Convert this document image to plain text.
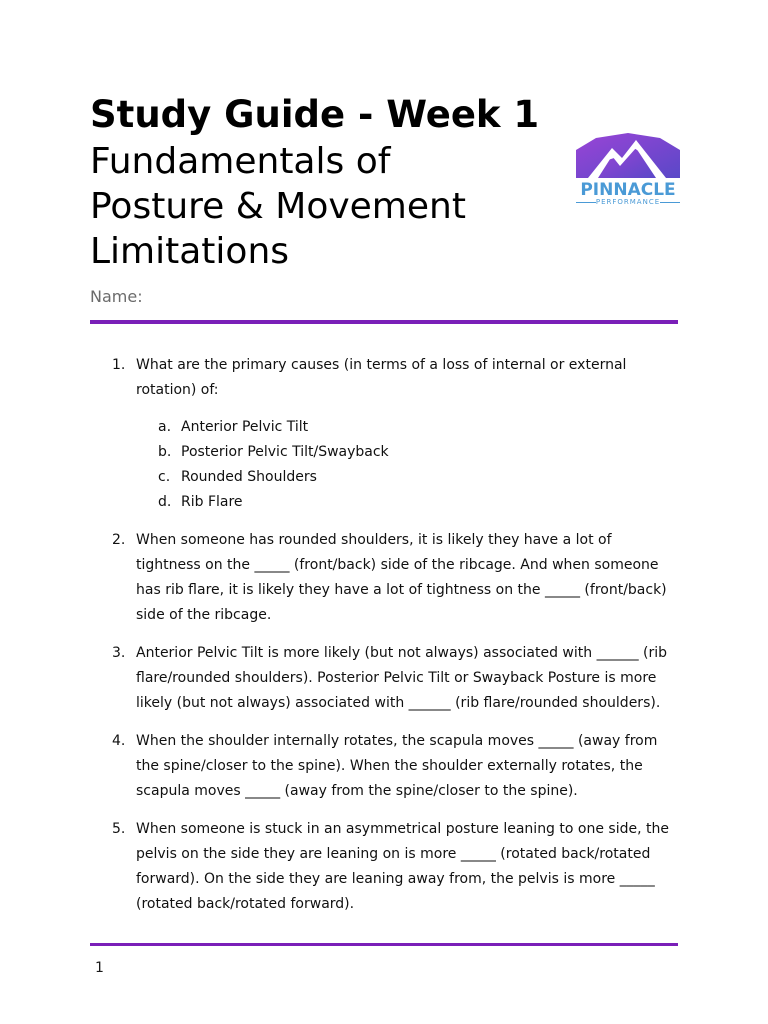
Study Guide - Week 1
Fundamentals of
Posture & Movement
Limitations
PINNACLE
PERFORMANCE
Name:
1. What are the primary causes (in terms of a loss of internal or external rotation) of:
a. Anterior Pelvic Tilt
b. Posterior Pelvic Tilt/Swayback
c. Rounded Shoulders
d. Rib Flare
2. When someone has rounded shoulders, it is likely they have a lot of tightness on the _____ (front/back) side of the ribcage. And when someone has rib flare, it is likely they have a lot of tightness on the _____ (front/back) side of the ribcage.
3. Anterior Pelvic Tilt is more likely (but not always) associated with ______ (rib flare/rounded shoulders). Posterior Pelvic Tilt or Swayback Posture is more likely (but not always) associated with ______ (rib flare/rounded shoulders).
4. When the shoulder internally rotates, the scapula moves _____ (away from the spine/closer to the spine). When the shoulder externally rotates, the scapula moves _____ (away from the spine/closer to the spine).
5. When someone is stuck in an asymmetrical posture leaning to one side, the pelvis on the side they are leaning on is more _____ (rotated back/rotated forward). On the side they are leaning away from, the pelvis is more _____ (rotated back/rotated forward).
1
